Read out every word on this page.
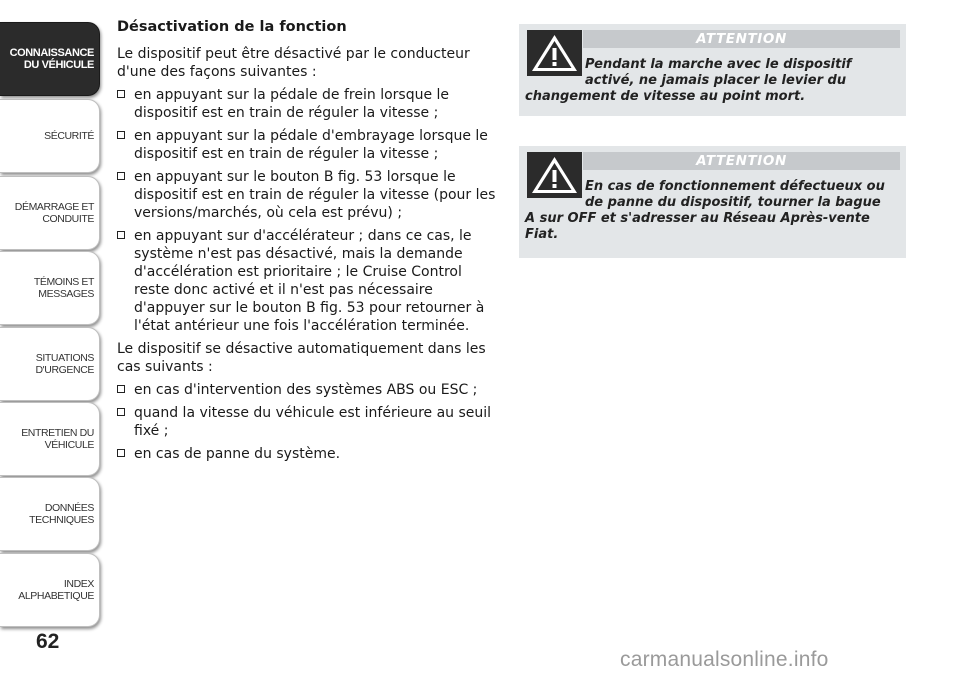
CONNAISSANCE
DU VÉHICULE
SÉCURITÉ
DÉMARRAGE ET
CONDUITE
TÉMOINS ET
MESSAGES
SITUATIONS
D'URGENCE
ENTRETIEN DU
VÉHICULE
DONNÉES
TECHNIQUES
INDEX
ALPHABETIQUE
62
Désactivation de la fonction

Le dispositif peut être désactivé par le conducteur d'une des façons suivantes :

en appuyant sur la pédale de frein lorsque le dispositif est en train de réguler la vitesse ;
en appuyant sur la pédale d'embrayage lorsque le dispositif est en train de réguler la vitesse ;
en appuyant sur le bouton B fig. 53 lorsque le dispositif est en train de réguler la vitesse (pour les versions/marchés, où cela est prévu) ;
en appuyant sur d'accélérateur ; dans ce cas, le système n'est pas désactivé, mais la demande d'accélération est prioritaire ; le Cruise Control reste donc activé et il n'est pas nécessaire d'appuyer sur le bouton B fig. 53 pour retourner à l'état antérieur une fois l'accélération terminée.

Le dispositif se désactive automatiquement dans les cas suivants :

en cas d'intervention des systèmes ABS ou ESC ;
quand la vitesse du véhicule est inférieure au seuil fixé ;
en cas de panne du système.
ATTENTION
Pendant la marche avec le dispositif
activé, ne jamais placer le levier du
changement de vitesse au point mort.
ATTENTION
En cas de fonctionnement défectueux ou
de panne du dispositif, tourner la bague
A sur OFF et s'adresser au Réseau Après-vente Fiat.
carmanualsonline.info
